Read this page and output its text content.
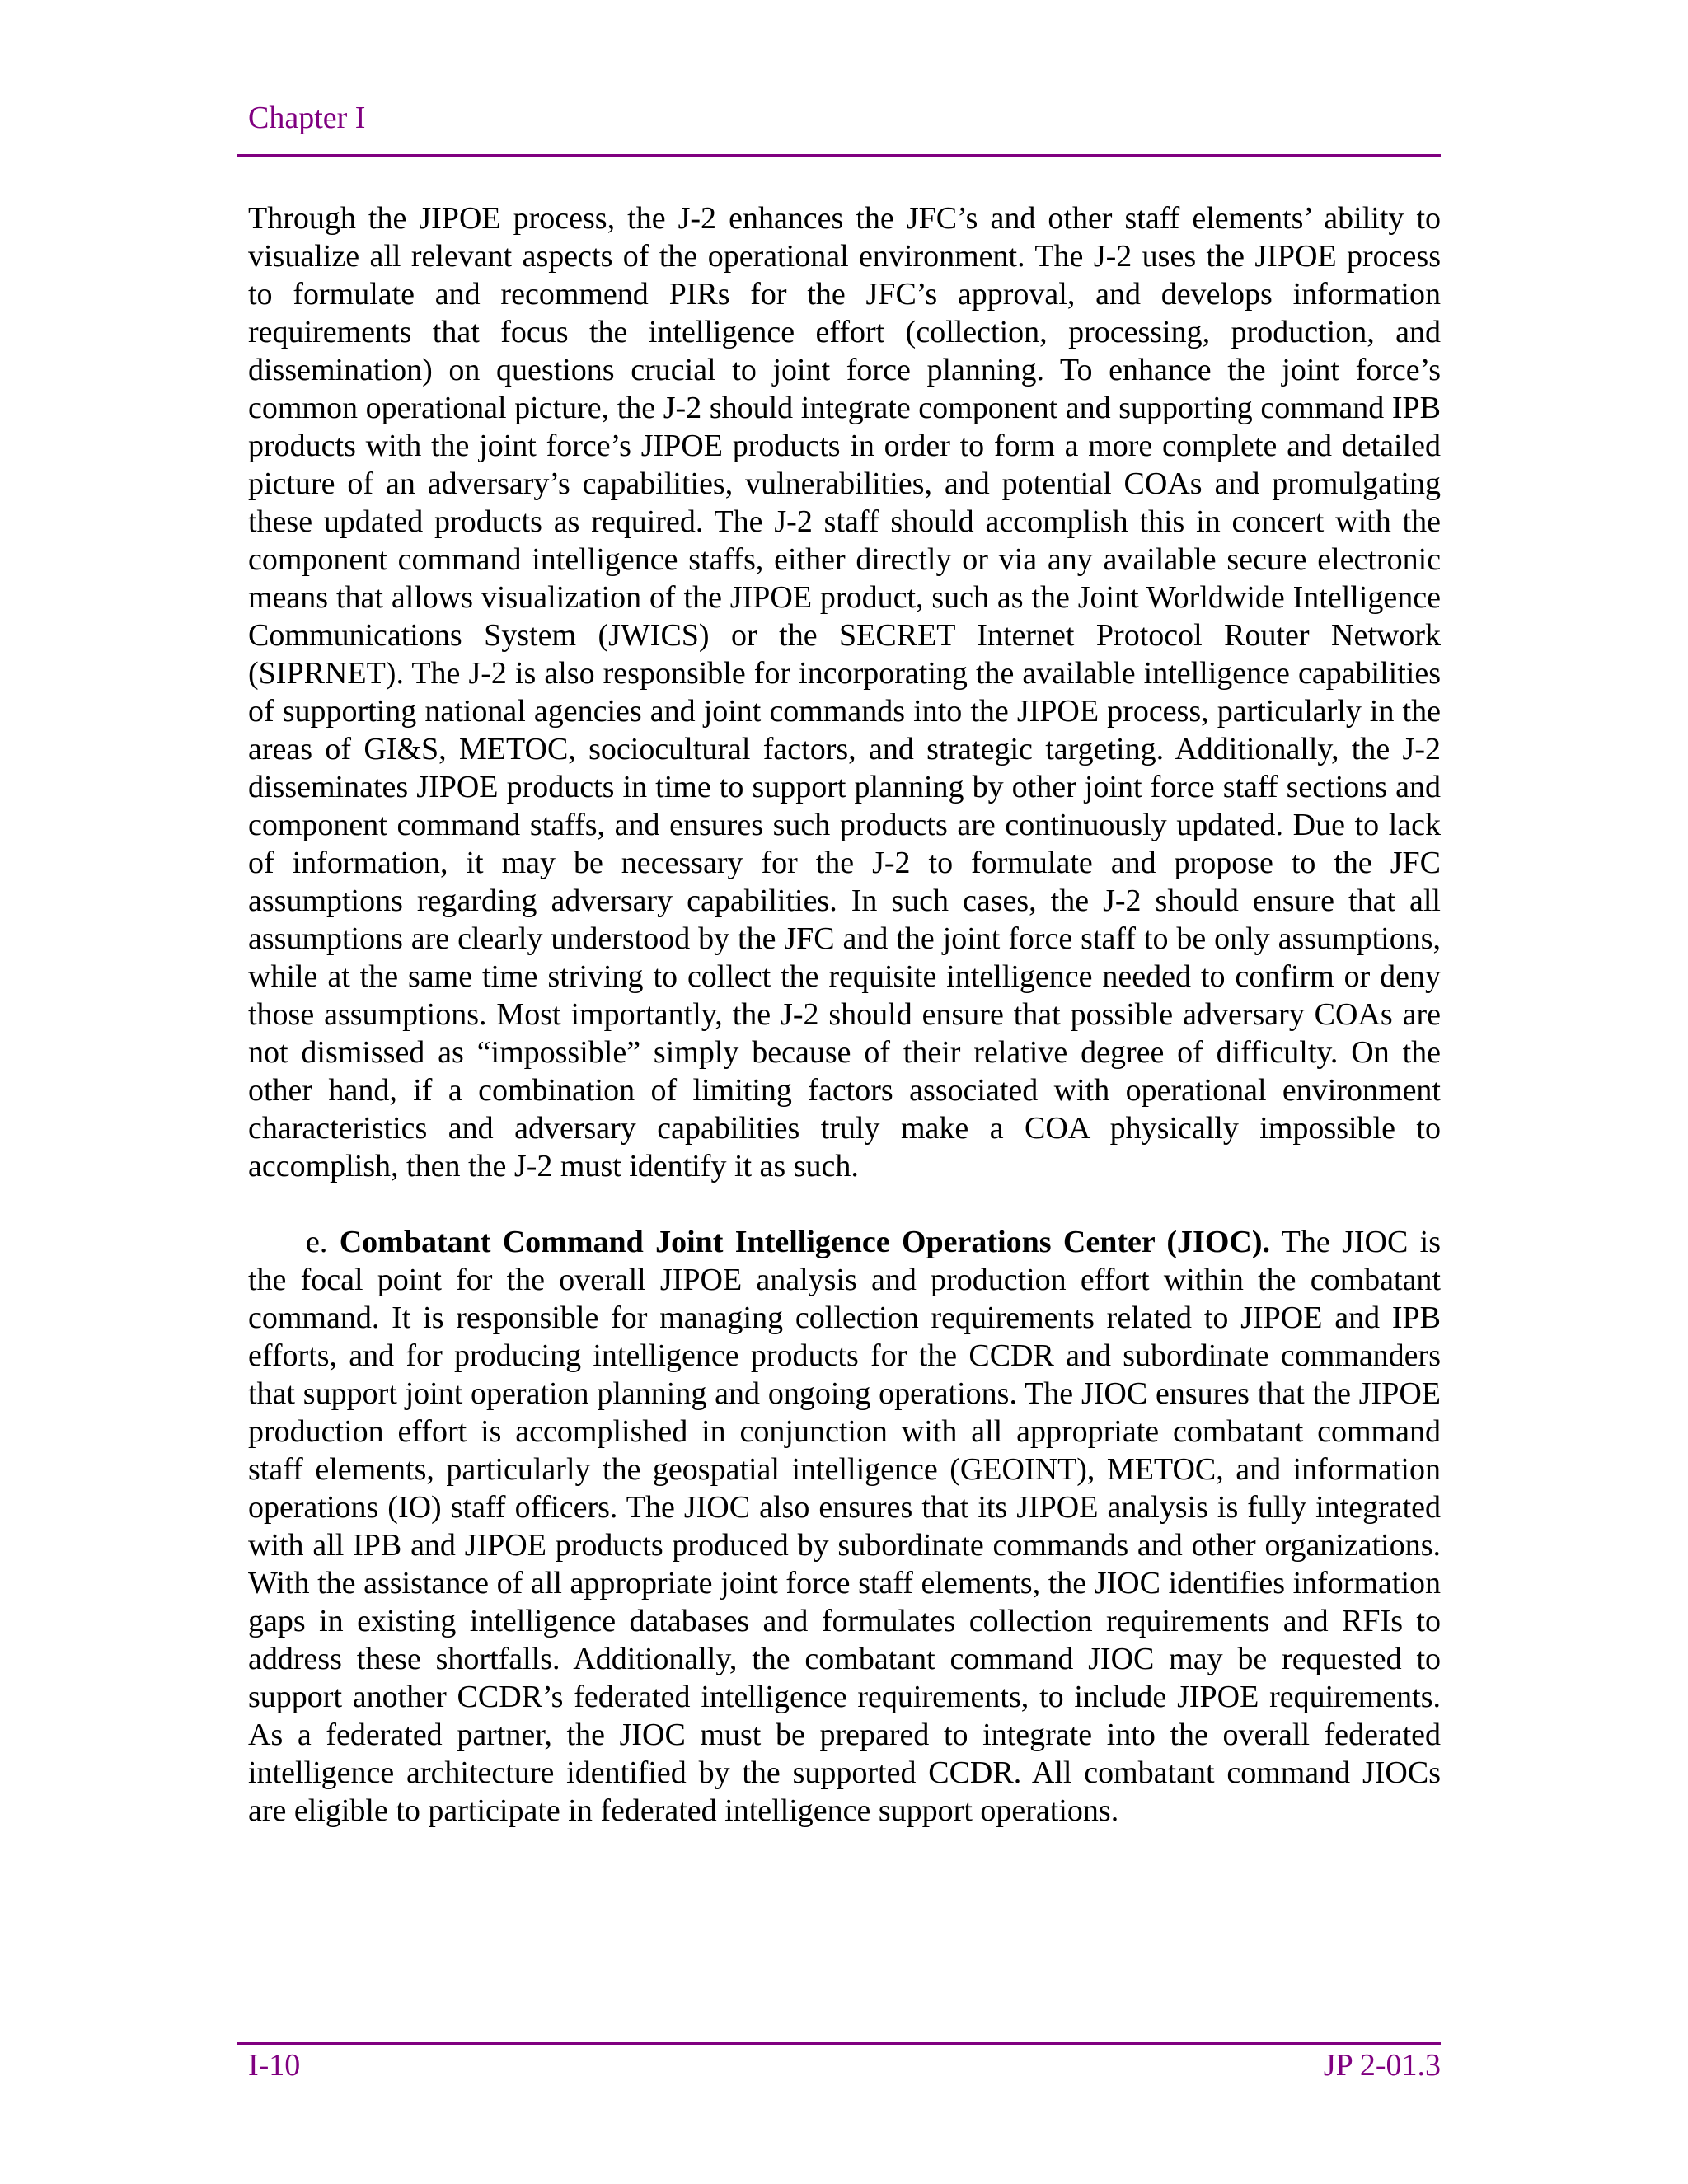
Chapter I

Through the JIPOE process, the J-2 enhances the JFC’s and other staff elements’ ability to visualize all relevant aspects of the operational environment. The J-2 uses the JIPOE process to formulate and recommend PIRs for the JFC’s approval, and develops information requirements that focus the intelligence effort (collection, processing, production, and dissemination) on questions crucial to joint force planning. To enhance the joint force’s common operational picture, the J-2 should integrate component and supporting command IPB products with the joint force’s JIPOE products in order to form a more complete and detailed picture of an adversary’s capabilities, vulnerabilities, and potential COAs and promulgating these updated products as required. The J-2 staff should accomplish this in concert with the component command intelligence staffs, either directly or via any available secure electronic means that allows visualization of the JIPOE product, such as the Joint Worldwide Intelligence Communications System (JWICS) or the SECRET Internet Protocol Router Network (SIPRNET). The J-2 is also responsible for incorporating the available intelligence capabilities of supporting national agencies and joint commands into the JIPOE process, particularly in the areas of GI&S, METOC, sociocultural factors, and strategic targeting. Additionally, the J-2 disseminates JIPOE products in time to support planning by other joint force staff sections and component command staffs, and ensures such products are continuously updated. Due to lack of information, it may be necessary for the J-2 to formulate and propose to the JFC assumptions regarding adversary capabilities. In such cases, the J-2 should ensure that all assumptions are clearly understood by the JFC and the joint force staff to be only assumptions, while at the same time striving to collect the requisite intelligence needed to confirm or deny those assumptions. Most importantly, the J-2 should ensure that possible adversary COAs are not dismissed as “impossible” simply because of their relative degree of difficulty. On the other hand, if a combination of limiting factors associated with operational environment characteristics and adversary capabilities truly make a COA physically impossible to accomplish, then the J-2 must identify it as such.

e. Combatant Command Joint Intelligence Operations Center (JIOC). The JIOC is the focal point for the overall JIPOE analysis and production effort within the combatant command. It is responsible for managing collection requirements related to JIPOE and IPB efforts, and for producing intelligence products for the CCDR and subordinate commanders that support joint operation planning and ongoing operations. The JIOC ensures that the JIPOE production effort is accomplished in conjunction with all appropriate combatant command staff elements, particularly the geospatial intelligence (GEOINT), METOC, and information operations (IO) staff officers. The JIOC also ensures that its JIPOE analysis is fully integrated with all IPB and JIPOE products produced by subordinate commands and other organizations. With the assistance of all appropriate joint force staff elements, the JIOC identifies information gaps in existing intelligence databases and formulates collection requirements and RFIs to address these shortfalls. Additionally, the combatant command JIOC may be requested to support another CCDR’s federated intelligence requirements, to include JIPOE requirements. As a federated partner, the JIOC must be prepared to integrate into the overall federated intelligence architecture identified by the supported CCDR. All combatant command JIOCs are eligible to participate in federated intelligence support operations.

I-10	JP 2-01.3
